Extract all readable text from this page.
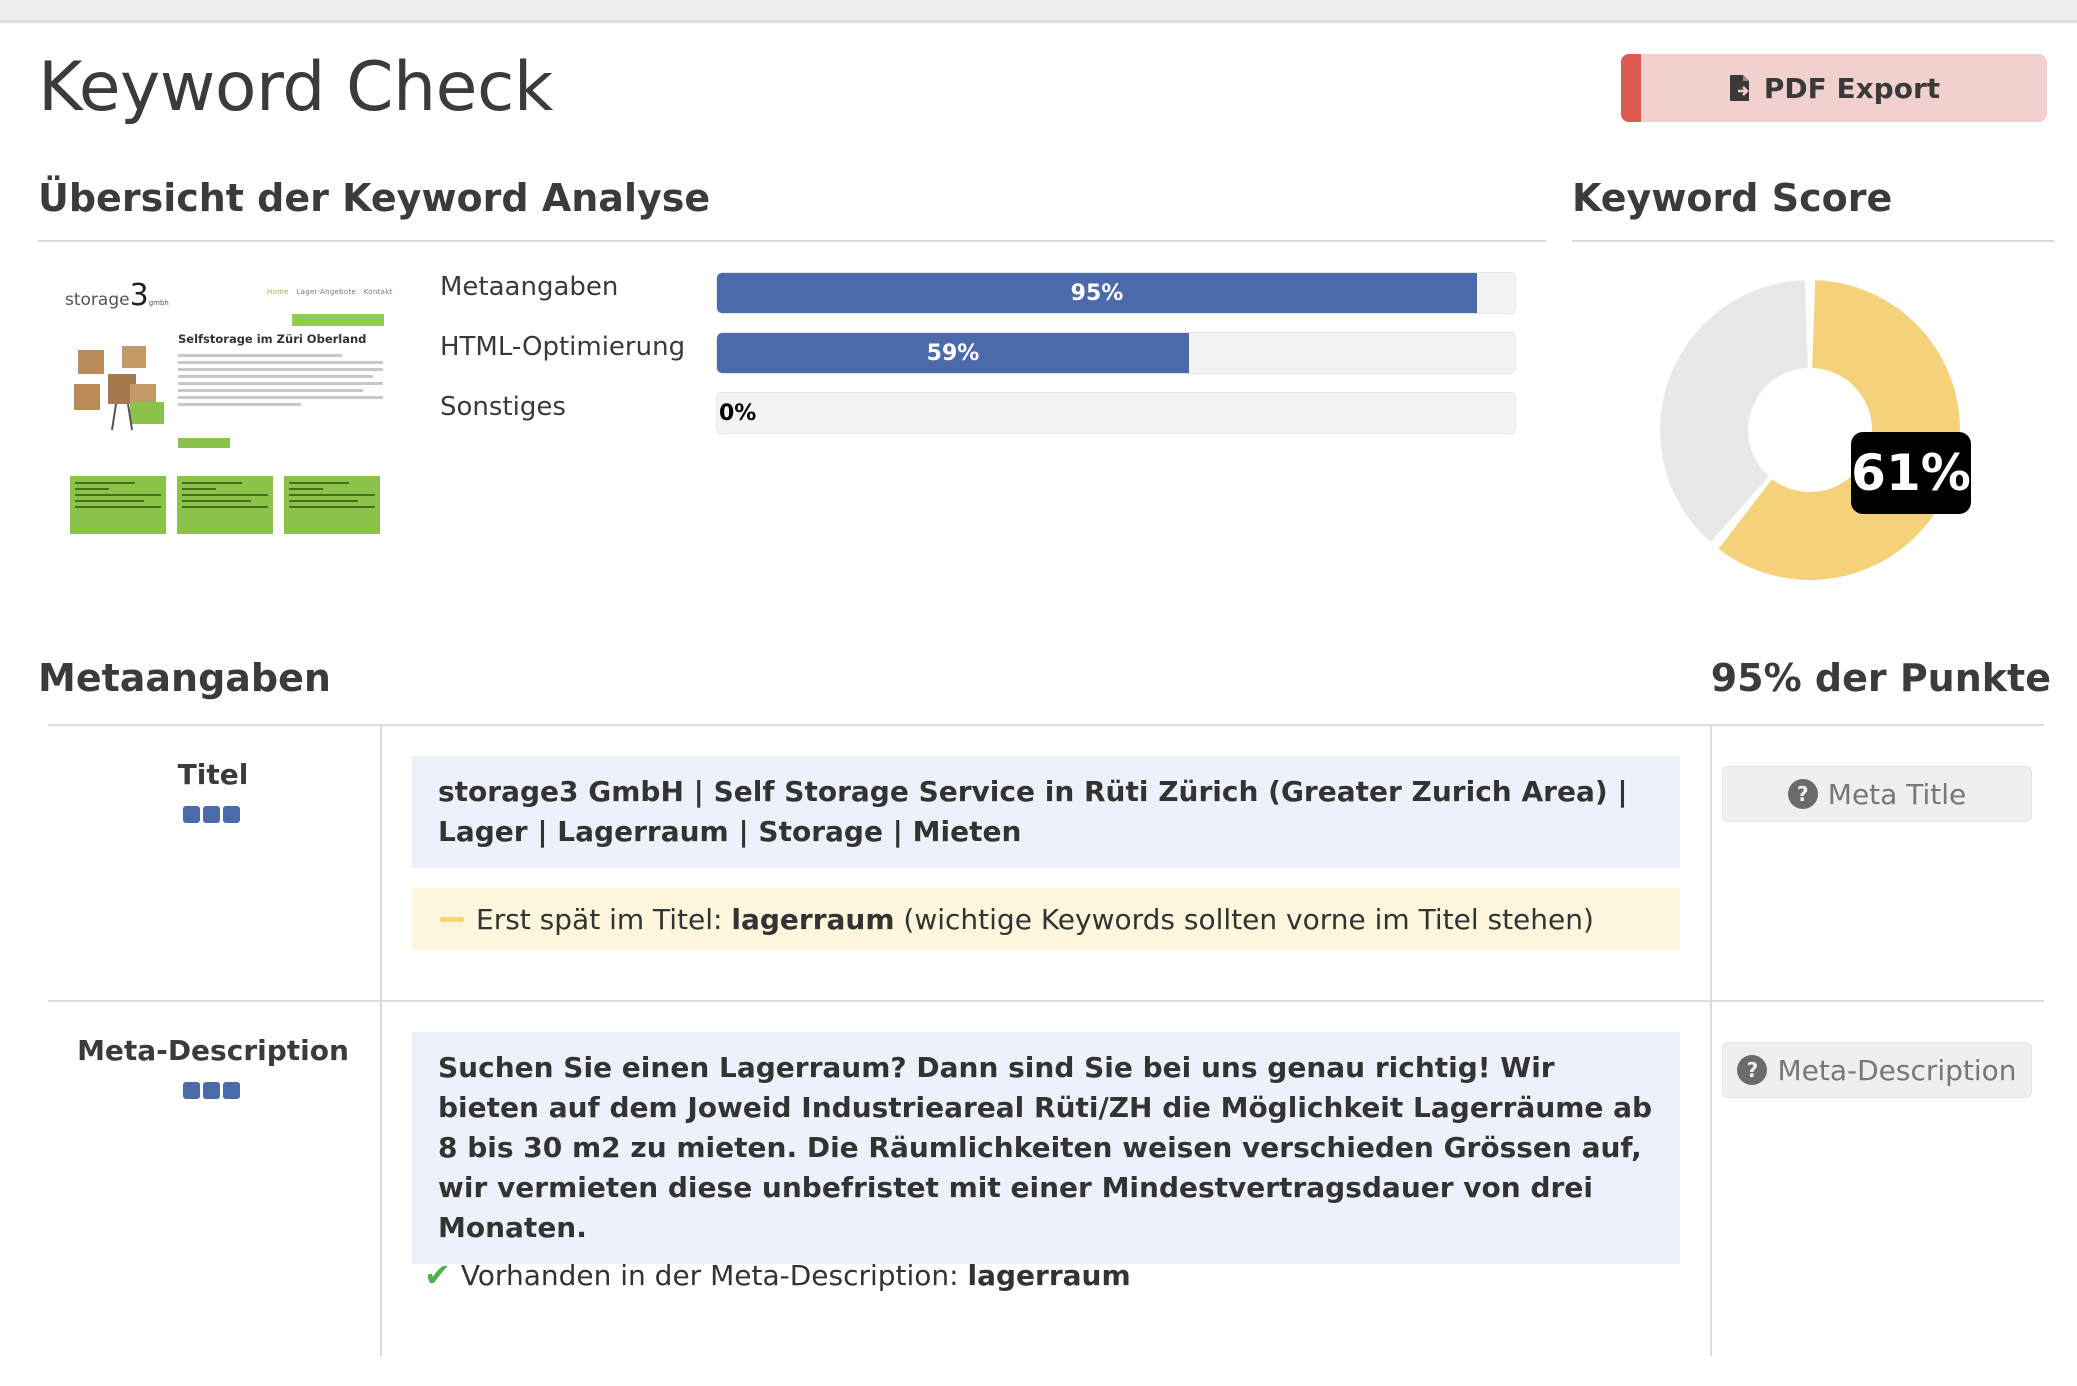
Keyword Check	PDF Export
Übersicht der Keyword Analyse
storage3gmbh
Home Lager-Angebote Kontakt
Selfstorage im Züri Oberland
Metaangaben	95%
HTML-Optimierung	59%
Sonstiges	0%
Keyword Score
61%
Metaangaben	95% der Punkte
Titel
storage3 GmbH | Self Storage Service in Rüti Zürich (Greater Zurich Area) | Lager | Lagerraum | Storage | Mieten
Erst spät im Titel: lagerraum (wichtige Keywords sollten vorne im Titel stehen)
? Meta Title
Meta-Description
Suchen Sie einen Lagerraum? Dann sind Sie bei uns genau richtig! Wir bieten auf dem Joweid Industrieareal Rüti/ZH die Möglichkeit Lagerräume ab 8 bis 30 m2 zu mieten. Die Räumlichkeiten weisen verschieden Grössen auf, wir vermieten diese unbefristet mit einer Mindestvertragsdauer von drei Monaten.
✔ Vorhanden in der Meta-Description: lagerraum
? Meta-Description
